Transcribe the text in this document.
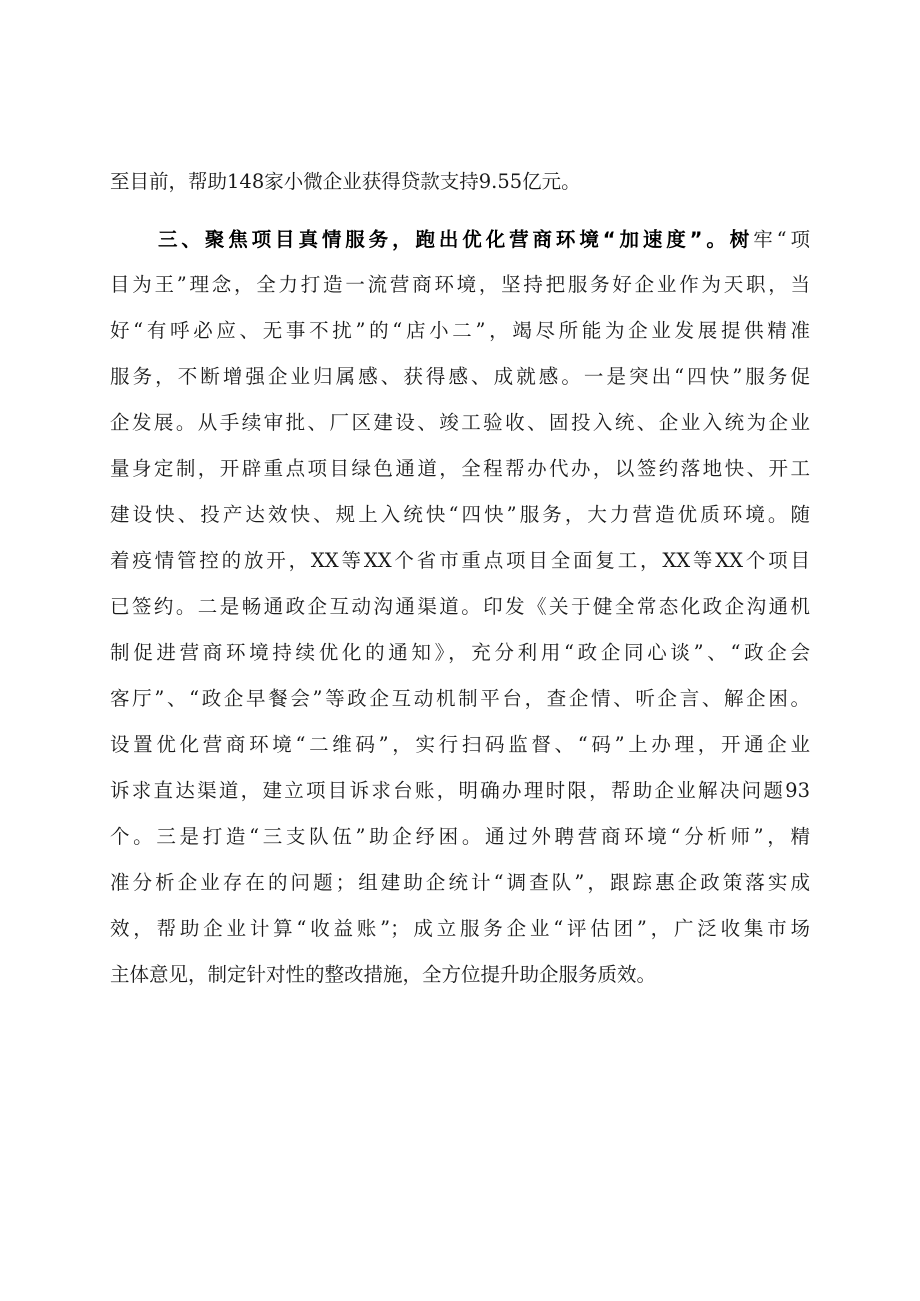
至目前，帮助148家小微企业获得贷款支持9.55亿元。
三、聚焦项目真情服务，跑出优化营商环境“加速度”。树牢“项
目为王”理念，全力打造一流营商环境，坚持把服务好企业作为天职，当
好“有呼必应、无事不扰”的“店小二”，竭尽所能为企业发展提供精准
服务，不断增强企业归属感、获得感、成就感。一是突出“四快”服务促
企发展。从手续审批、厂区建设、竣工验收、固投入统、企业入统为企业
量身定制，开辟重点项目绿色通道，全程帮办代办，以签约落地快、开工
建设快、投产达效快、规上入统快“四快”服务，大力营造优质环境。随
着疫情管控的放开，XX等XX个省市重点项目全面复工，XX等XX个项目
已签约。二是畅通政企互动沟通渠道。印发《关于健全常态化政企沟通机
制促进营商环境持续优化的通知》，充分利用“政企同心谈”、“政企会
客厅”、“政企早餐会”等政企互动机制平台，查企情、听企言、解企困。
设置优化营商环境“二维码”，实行扫码监督、“码”上办理，开通企业
诉求直达渠道，建立项目诉求台账，明确办理时限，帮助企业解决问题93
个。三是打造“三支队伍”助企纾困。通过外聘营商环境“分析师”，精
准分析企业存在的问题；组建助企统计“调查队”，跟踪惠企政策落实成
效，帮助企业计算“收益账”；成立服务企业“评估团”，广泛收集市场
主体意见，制定针对性的整改措施，全方位提升助企服务质效。
